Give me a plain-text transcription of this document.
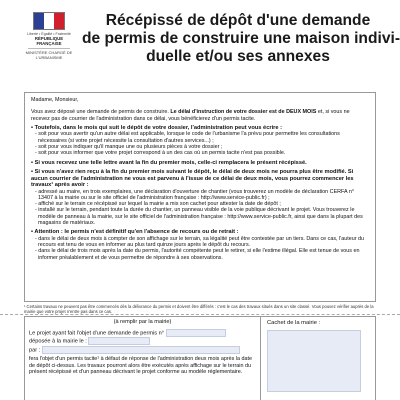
Liberté • Égalité • Fraternité
RÉPUBLIQUE FRANÇAISE
MINISTÈRE CHARGÉ DE L'URBANISME
Récépissé de dépôt d'une demande
de permis de construire une maison indivi-
duelle et/ou ses annexes
Madame, Monsieur,
Vous avez déposé une demande de permis de construire. Le délai d'instruction de votre dossier est de DEUX MOIS et, si vous ne recevez pas de courrier de l'administration dans ce délai, vous bénéficierez d'un permis tacite.
• Toutefois, dans le mois qui suit le dépôt de votre dossier, l'administration peut vous écrire :
- soit pour vous avertir qu'un autre délai est applicable, lorsque le code de l'urbanisme l'a prévu pour permettre les consultations nécessaires (si votre projet nécessite la consultation d'autres services...) ;
- soit pour vous indiquer qu'il manque une ou plusieurs pièces à votre dossier ;
- soit pour vous informer que votre projet correspond à un des cas où un permis tacite n'est pas possible.
• Si vous recevez une telle lettre avant la fin du premier mois, celle-ci remplacera le présent récépissé.
• Si vous n'avez rien reçu à la fin du premier mois suivant le dépôt, le délai de deux mois ne pourra plus être modifié. Si aucun courrier de l'administration ne vous est parvenu à l'issue de ce délai de deux mois, vous pourrez commencer les travaux¹ après avoir :
- adressé au maire, en trois exemplaires, une déclaration d'ouverture de chantier (vous trouverez un modèle de déclaration CERFA n° 13407 à la mairie ou sur le site officiel de l'administration française : http://www.service-public.fr) ;
- affiché sur le terrain ce récépissé sur lequel la mairie a mis son cachet pour attester la date de dépôt ;
- installé sur le terrain, pendant toute la durée du chantier, un panneau visible de la voie publique décrivant le projet. Vous trouverez le modèle de panneau à la mairie, sur le site officiel de l'administration française : http://www.service-public.fr, ainsi que dans la plupart des magasins de matériaux.
• Attention : le permis n'est définitif qu'en l'absence de recours ou de retrait :
- dans le délai de deux mois à compter de son affichage sur le terrain, sa légalité peut être contestée par un tiers. Dans ce cas, l'auteur du recours est tenu de vous en informer au plus tard quinze jours après le dépôt du recours.
- dans le délai de trois mois après la date du permis, l'autorité compétente peut le retirer, si elle l'estime illégal. Elle est tenue de vous en informer préalablement et de vous permettre de répondre à ses observations.
¹ Certains travaux ne peuvent pas être commencés dès la délivrance du permis et doivent être différés : c'est le cas des travaux situés dans un site classé. Vous pouvez vérifier auprès de la mairie que votre projet n'entre pas dans ce cas.
(à remplir par la mairie)
Le projet ayant fait l'objet d'une demande de permis n°
déposée à la mairie le :
par :
fera l'objet d'un permis tacite¹ à défaut de réponse de l'administration deux mois après la date de dépôt ci-dessus. Les travaux pourront alors être exécutés après affichage sur le terrain du présent récépissé et d'un panneau décrivant le projet conforme au modèle réglementaire.
Cachet de la mairie :
